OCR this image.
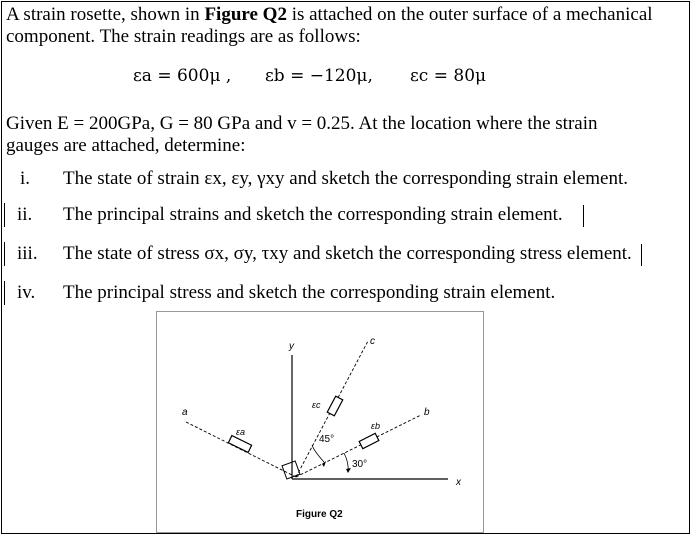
A strain rosette, shown in Figure Q2 is attached on the outer surface of a mechanical
component. The strain readings are as follows:
εa = 600μ , εb = −120μ, εc = 80μ
Given E = 200GPa, G = 80 GPa and v = 0.25. At the location where the strain
gauges are attached, determine:
i. The state of strain εx, εy, γxy and sketch the corresponding strain element.
ii. The principal strains and sketch the corresponding strain element.
iii. The state of stress σx, σy, τxy and sketch the corresponding stress element.
iv. The principal stress and sketch the corresponding strain element.
y
x
a
c
b
εa
εc
εb
45°
30°
Figure Q2
